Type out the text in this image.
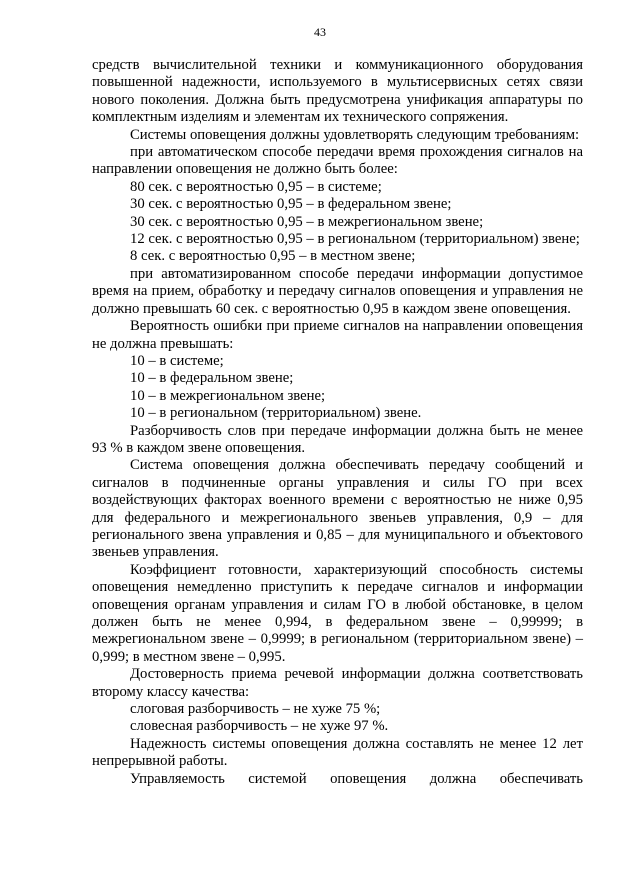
43

средств вычислительной техники и коммуникационного оборудования повышенной надежности, используемого в мультисервисных сетях связи нового поколения. Должна быть предусмотрена унификация аппаратуры по комплектным изделиям и элементам их технического сопряжения.

Системы оповещения должны удовлетворять следующим требованиям:

при автоматическом способе передачи время прохождения сигналов на направлении оповещения не должно быть более:

80 сек. с вероятностью 0,95 – в системе;

30 сек. с вероятностью 0,95 – в федеральном звене;

30 сек. с вероятностью 0,95 – в межрегиональном звене;

12 сек. с вероятностью 0,95 – в региональном (территориальном) звене;

8 сек. с вероятностью 0,95 – в местном звене;

при автоматизированном способе передачи информации допустимое время на прием, обработку и передачу сигналов оповещения и управления не должно превышать 60 сек. с вероятностью 0,95 в каждом звене оповещения.

Вероятность ошибки при приеме сигналов на направлении оповещения не должна превышать:

10 – в системе;

10 – в федеральном звене;

10 – в межрегиональном звене;

10 – в региональном (территориальном) звене.

Разборчивость слов при передаче информации должна быть не менее 93 % в каждом звене оповещения.

Система оповещения должна обеспечивать передачу сообщений и сигналов в подчиненные органы управления и силы ГО при всех воздействующих факторах военного времени с вероятностью не ниже 0,95 для федерального и межрегионального звеньев управления, 0,9 – для регионального звена управления и 0,85 – для муниципального и объектового звеньев управления.

Коэффициент готовности, характеризующий способность системы оповещения немедленно приступить к передаче сигналов и информации оповещения органам управления и силам ГО в любой обстановке, в целом должен быть не менее 0,994, в федеральном звене – 0,99999; в межрегиональном звене – 0,9999; в региональном (территориальном звене) – 0,999; в местном звене – 0,995.

Достоверность приема речевой информации должна соответствовать второму классу качества:

слоговая разборчивость – не хуже 75 %;

словесная разборчивость – не хуже 97 %.

Надежность системы оповещения должна составлять не менее 12 лет непрерывной работы.

Управляемость системой оповещения должна обеспечивать
